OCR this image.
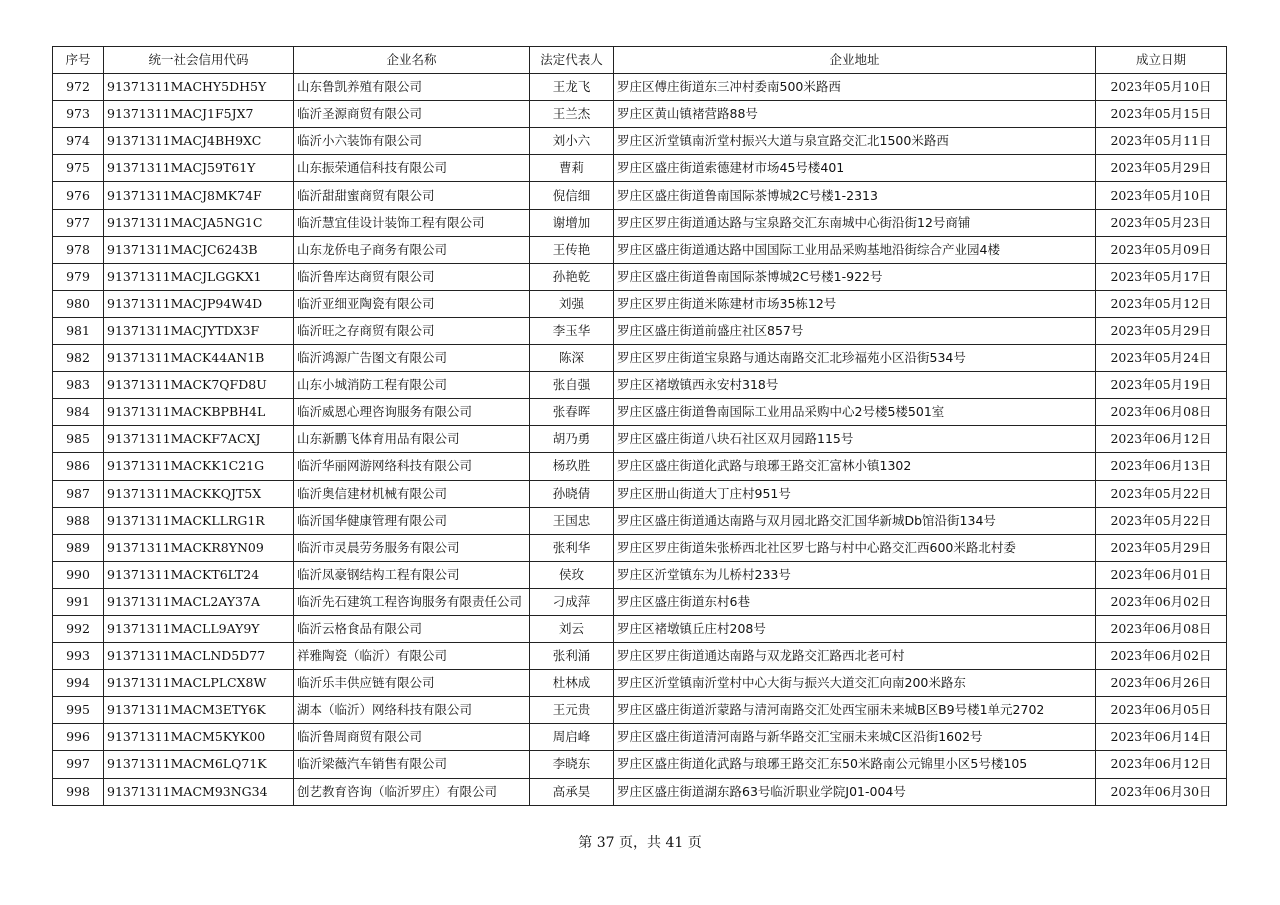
序号	统一社会信用代码	企业名称	法定代表人	企业地址	成立日期
972	91371311MACHY5DH5Y	山东鲁凯养殖有限公司	王龙飞	罗庄区傅庄街道东三冲村委南500米路西	2023年05月10日
973	91371311MACJ1F5JX7	临沂圣源商贸有限公司	王兰杰	罗庄区黄山镇褚营路88号	2023年05月15日
974	91371311MACJ4BH9XC	临沂小六装饰有限公司	刘小六	罗庄区沂堂镇南沂堂村振兴大道与泉宣路交汇北1500米路西	2023年05月11日
975	91371311MACJ59T61Y	山东振荣通信科技有限公司	曹莉	罗庄区盛庄街道索德建材市场45号楼401	2023年05月29日
976	91371311MACJ8MK74F	临沂甜甜蜜商贸有限公司	倪信细	罗庄区盛庄街道鲁南国际茶博城2C号楼1-2313	2023年05月10日
977	91371311MACJA5NG1C	临沂慧宜佳设计装饰工程有限公司	谢增加	罗庄区罗庄街道通达路与宝泉路交汇东南城中心街沿街12号商铺	2023年05月23日
978	91371311MACJC6243B	山东龙侨电子商务有限公司	王传艳	罗庄区盛庄街道通达路中国国际工业用品采购基地沿街综合产业园4楼	2023年05月09日
979	91371311MACJLGGKX1	临沂鲁库达商贸有限公司	孙艳乾	罗庄区盛庄街道鲁南国际茶博城2C号楼1-922号	2023年05月17日
980	91371311MACJP94W4D	临沂亚细亚陶瓷有限公司	刘强	罗庄区罗庄街道米陈建材市场35栋12号	2023年05月12日
981	91371311MACJYTDX3F	临沂旺之存商贸有限公司	李玉华	罗庄区盛庄街道前盛庄社区857号	2023年05月29日
982	91371311MACK44AN1B	临沂鸿源广告图文有限公司	陈深	罗庄区罗庄街道宝泉路与通达南路交汇北珍福苑小区沿街534号	2023年05月24日
983	91371311MACK7QFD8U	山东小城消防工程有限公司	张自强	罗庄区褚墩镇西永安村318号	2023年05月19日
984	91371311MACKBPBH4L	临沂威恩心理咨询服务有限公司	张春晖	罗庄区盛庄街道鲁南国际工业用品采购中心2号楼5楼501室	2023年06月08日
985	91371311MACKF7ACXJ	山东新鹏飞体育用品有限公司	胡乃勇	罗庄区盛庄街道八块石社区双月园路115号	2023年06月12日
986	91371311MACKK1C21G	临沂华丽网游网络科技有限公司	杨玖胜	罗庄区盛庄街道化武路与琅琊王路交汇富林小镇1302	2023年06月13日
987	91371311MACKKQJT5X	临沂奥信建材机械有限公司	孙晓倩	罗庄区册山街道大丁庄村951号	2023年05月22日
988	91371311MACKLLRG1R	临沂国华健康管理有限公司	王国忠	罗庄区盛庄街道通达南路与双月园北路交汇国华新城Db馆沿街134号	2023年05月22日
989	91371311MACKR8YN09	临沂市灵晨劳务服务有限公司	张利华	罗庄区罗庄街道朱张桥西北社区罗七路与村中心路交汇西600米路北村委	2023年05月29日
990	91371311MACKT6LT24	临沂凤豪钢结构工程有限公司	侯玫	罗庄区沂堂镇东为儿桥村233号	2023年06月01日
991	91371311MACL2AY37A	临沂先石建筑工程咨询服务有限责任公司	刁成萍	罗庄区盛庄街道东村6巷	2023年06月02日
992	91371311MACLL9AY9Y	临沂云格食品有限公司	刘云	罗庄区褚墩镇丘庄村208号	2023年06月08日
993	91371311MACLND5D77	祥雅陶瓷（临沂）有限公司	张利涌	罗庄区罗庄街道通达南路与双龙路交汇路西北老可村	2023年06月02日
994	91371311MACLPLCX8W	临沂乐丰供应链有限公司	杜林成	罗庄区沂堂镇南沂堂村中心大街与振兴大道交汇向南200米路东	2023年06月26日
995	91371311MACM3ETY6K	湖本（临沂）网络科技有限公司	王元贵	罗庄区盛庄街道沂蒙路与清河南路交汇处西宝丽未来城B区B9号楼1单元2702	2023年06月05日
996	91371311MACM5KYK00	临沂鲁周商贸有限公司	周启峰	罗庄区盛庄街道清河南路与新华路交汇宝丽未来城C区沿街1602号	2023年06月14日
997	91371311MACM6LQ71K	临沂梁薇汽车销售有限公司	李晓东	罗庄区盛庄街道化武路与琅琊王路交汇东50米路南公元锦里小区5号楼105	2023年06月12日
998	91371311MACM93NG34	创艺教育咨询（临沂罗庄）有限公司	高承昊	罗庄区盛庄街道湖东路63号临沂职业学院J01-004号	2023年06月30日
第 37 页，共 41 页
